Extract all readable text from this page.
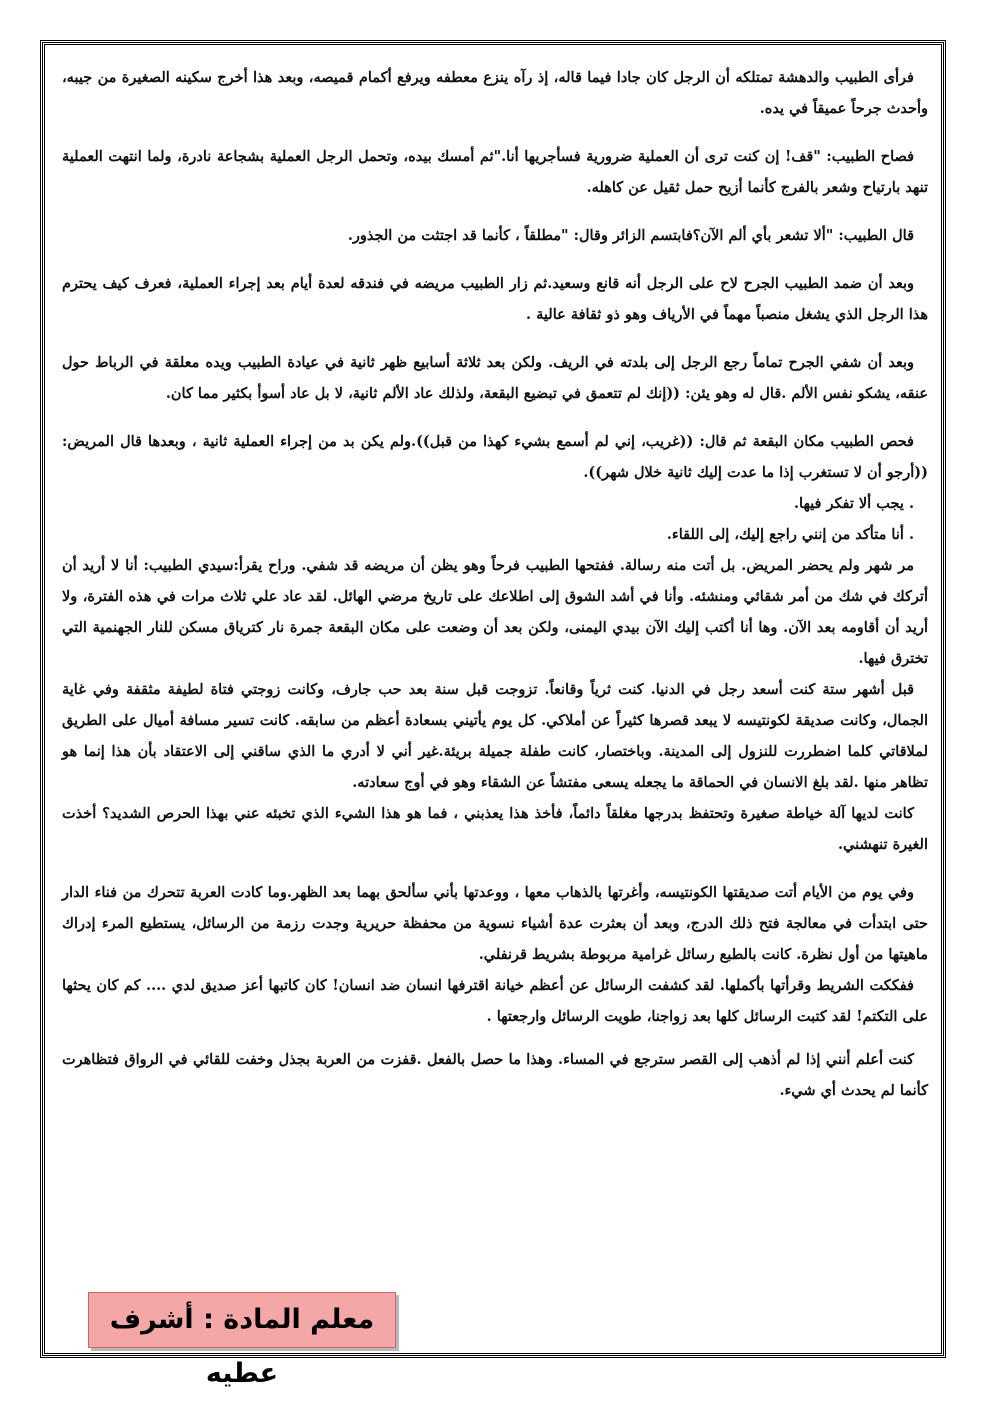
فرأى الطبيب والدهشة تمتلكه أن الرجل كان جادا فيما قاله، إذ رآه ينزع معطفه ويرفع أكمام قميصه، وبعد هذا أخرج سكينه الصغيرة من جيبه، وأحدث جرحاً عميقاً في يده.

فصاح الطبيب: "قف! إن كنت ترى أن العملية ضرورية فسأجريها أنا."ثم أمسك بيده، وتحمل الرجل العملية بشجاعة نادرة، ولما انتهت العملية تنهد بارتياح وشعر بالفرج كأنما أزيح حمل ثقيل عن كاهله.

قال الطبيب: "ألا تشعر بأي ألم الآن؟فابتسم الزائر وقال: "مطلقاً ، كأنما قد اجتثت من الجذور.

وبعد أن ضمد الطبيب الجرح لاح على الرجل أنه قانع وسعيد.ثم زار الطبيب مريضه في فندقه لعدة أيام بعد إجراء العملية، فعرف كيف يحترم هذا الرجل الذي يشغل منصباً مهماً في الأرياف وهو ذو ثقافة عالية .

وبعد أن شفي الجرح تماماً رجع الرجل إلى بلدته في الريف. ولكن بعد ثلاثة أسابيع ظهر ثانية في عيادة الطبيب ويده معلقة في الرباط حول عنقه، يشكو نفس الألم .قال له وهو يئن: ((إنك لم تتعمق في تبضيع البقعة، ولذلك عاد الألم ثانية، لا بل عاد أسوأ بكثير مما كان.

فحص الطبيب مكان البقعة ثم قال: ((غريب، إني لم أسمع بشيء كهذا من قبل)).ولم يكن بد من إجراء العملية ثانية ، وبعدها قال المريض: ((أرجو أن لا تستغرب إذا ما عدت إليك ثانية خلال شهر)).

. يجب ألا تفكر فيها.

. أنا متأكد من إنني راجع إليك، إلى اللقاء.

مر شهر ولم يحضر المريض. بل أتت منه رسالة. ففتحها الطبيب فرحاً وهو يظن أن مريضه قد شفي. وراح يقرأ:سيدي الطبيب: أنا لا أريد أن أتركك في شك من أمر شقائي ومنشئه. وأنا في أشد الشوق إلى اطلاعك على تاريخ مرضي الهائل. لقد عاد علي ثلاث مرات في هذه الفترة، ولا أريد أن أقاومه بعد الآن. وها أنا أكتب إليك الآن بيدي اليمنى، ولكن بعد أن وضعت على مكان البقعة جمرة نار كترياق مسكن للنار الجهنمية التي تخترق فيها.

قبل أشهر ستة كنت أسعد رجل في الدنيا. كنت ثرياً وقانعاً. تزوجت قبل سنة بعد حب جارف، وكانت زوجتي فتاة لطيفة مثقفة وفي غاية الجمال، وكانت صديقة لكونتيسه لا يبعد قصرها كثيراً عن أملاكي. كل يوم يأتيني بسعادة أعظم من سابقه. كانت تسير مسافة أميال على الطريق لملاقاتي كلما اضطررت للنزول إلى المدينة. وباختصار، كانت طفلة جميلة بريئة.غير أني لا أدري ما الذي ساقني إلى الاعتقاد بأن هذا إنما هو تظاهر منها .لقد بلغ الانسان في الحماقة ما يجعله يسعى مفتشاً عن الشقاء وهو في أوج سعادته.

كانت لديها آلة خياطة صغيرة وتحتفظ بدرجها مغلقاً دائماً، فأخذ هذا يعذبني ، فما هو هذا الشيء الذي تخبئه عني بهذا الحرص الشديد؟ أخذت الغيرة تنهشني.

وفي يوم من الأيام أتت صديقتها الكونتيسه، وأغرتها بالذهاب معها ، ووعدتها بأني سألحق بهما بعد الظهر.وما كادت العربة تتحرك من فناء الدار حتى ابتدأت في معالجة فتح ذلك الدرج، وبعد أن بعثرت عدة أشياء نسوية من محفظة حريرية وجدت رزمة من الرسائل، يستطيع المرء إدراك ماهيتها من أول نظرة. كانت بالطبع رسائل غرامية مربوطة بشريط قرنفلي.

ففككت الشريط وقرأتها بأكملها. لقد كشفت الرسائل عن أعظم خيانة اقترفها انسان ضد انسان! كان كاتبها أعز صديق لدي .... كم كان يحثها على التكتم! لقد كتبت الرسائل كلها بعد زواجنا، طويت الرسائل وارجعتها .

كنت أعلم أنني إذا لم أذهب إلى القصر سترجع في المساء. وهذا ما حصل بالفعل .قفزت من العربة بجذل وخفت للقائي في الرواق فتظاهرت كأنما لم يحدث أي شيء.

معلم المادة : أشرف عطيه
